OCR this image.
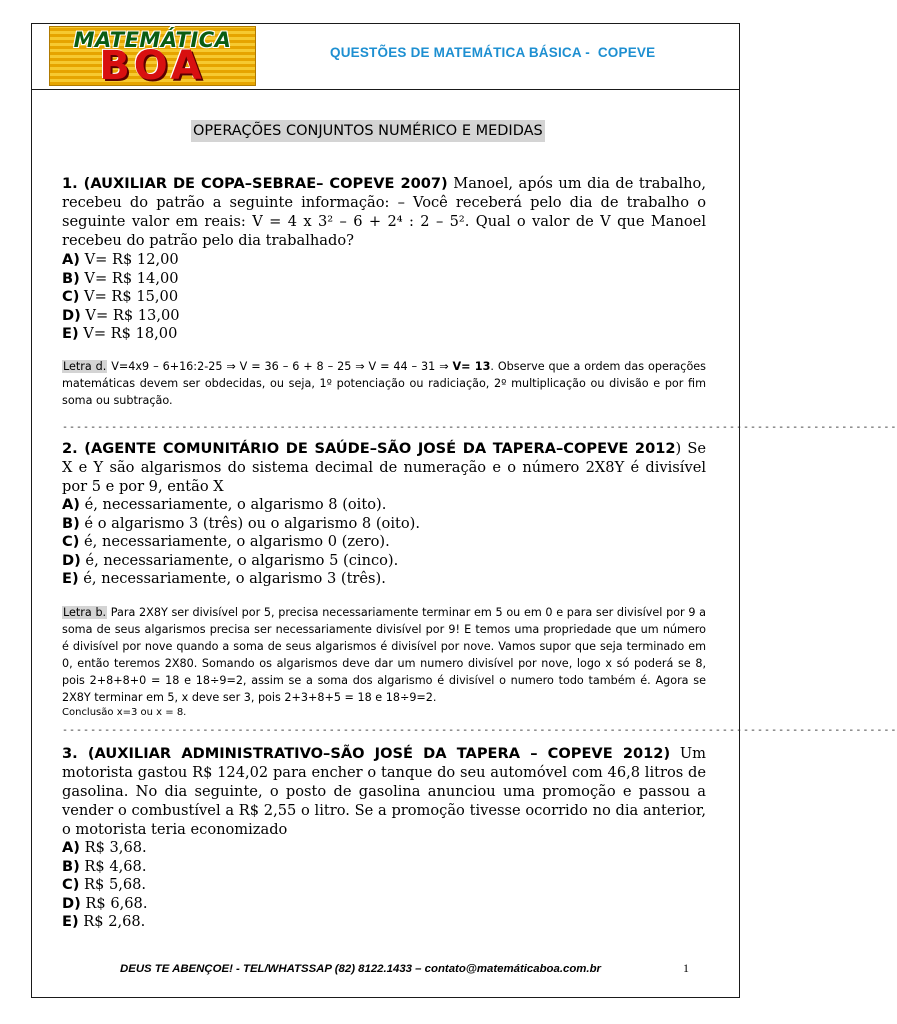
MATEMÁTICA
BOA	QUESTÕES DE MATEMÁTICA BÁSICA -  COPEVE
OPERAÇÕES CONJUNTOS NUMÉRICO E MEDIDAS

1. (AUXILIAR DE COPA–SEBRAE– COPEVE 2007) Manoel, após um dia de trabalho, recebeu do patrão a seguinte informação: – Você receberá pelo dia de trabalho o seguinte valor em reais: V = 4 x 3² – 6 + 2⁴ : 2 – 5². Qual o valor de V que Manoel recebeu do patrão pelo dia trabalhado?

A) V= R$ 12,00
B) V= R$ 14,00
C) V= R$ 15,00
D) V= R$ 13,00
E) V= R$ 18,00

Letra d. V=4x9 – 6+16:2-25 ⇒ V = 36 – 6 + 8 – 25 ⇒ V = 44 – 31 ⇒ V= 13. Observe que a ordem das operações matemáticas devem ser obdecidas, ou seja, 1º potenciação ou radiciação, 2º multiplicação ou divisão e por fim soma ou subtração.

-----------------------------------------------------------------------------------------------------------------------

2. (AGENTE COMUNITÁRIO DE SAÚDE–SÃO JOSÉ DA TAPERA–COPEVE 2012) Se X e Y são algarismos do sistema decimal de numeração e o número 2X8Y é divisível por 5 e por 9, então X

A) é, necessariamente, o algarismo 8 (oito).
B) é o algarismo 3 (três) ou o algarismo 8 (oito).
C) é, necessariamente, o algarismo 0 (zero).
D) é, necessariamente, o algarismo 5 (cinco).
E) é, necessariamente, o algarismo 3 (três).

Letra b. Para 2X8Y ser divisível por 5, precisa necessariamente terminar em 5 ou em 0 e para ser divisível por 9 a soma de seus algarismos precisa ser necessariamente divisível por 9! E temos uma propriedade que um número é divisível por nove quando a soma de seus algarismos é divisível por nove. Vamos supor que seja terminado em 0, então teremos 2X80. Somando os algarismos deve dar um numero divisível por nove, logo x só poderá se 8, pois 2+8+8+0 = 18 e 18÷9=2, assim se a soma dos algarismo é divisível o numero todo também é. Agora se 2X8Y terminar em 5, x deve ser 3, pois 2+3+8+5 = 18 e 18÷9=2.

Conclusão x=3 ou x = 8.

-----------------------------------------------------------------------------------------------------------------------

3. (AUXILIAR ADMINISTRATIVO–SÃO JOSÉ DA TAPERA – COPEVE 2012) Um motorista gastou R$ 124,02 para encher o tanque do seu automóvel com 46,8 litros de gasolina. No dia seguinte, o posto de gasolina anunciou uma promoção e passou a vender o combustível a R$ 2,55 o litro. Se a promoção tivesse ocorrido no dia anterior, o motorista teria economizado

A) R$ 3,68.
B) R$ 4,68.
C) R$ 5,68.
D) R$ 6,68.
E) R$ 2,68.
DEUS TE ABENÇOE! - TEL/WHATSSAP (82) 8122.1433 – contato@matemáticaboa.com.br	1
